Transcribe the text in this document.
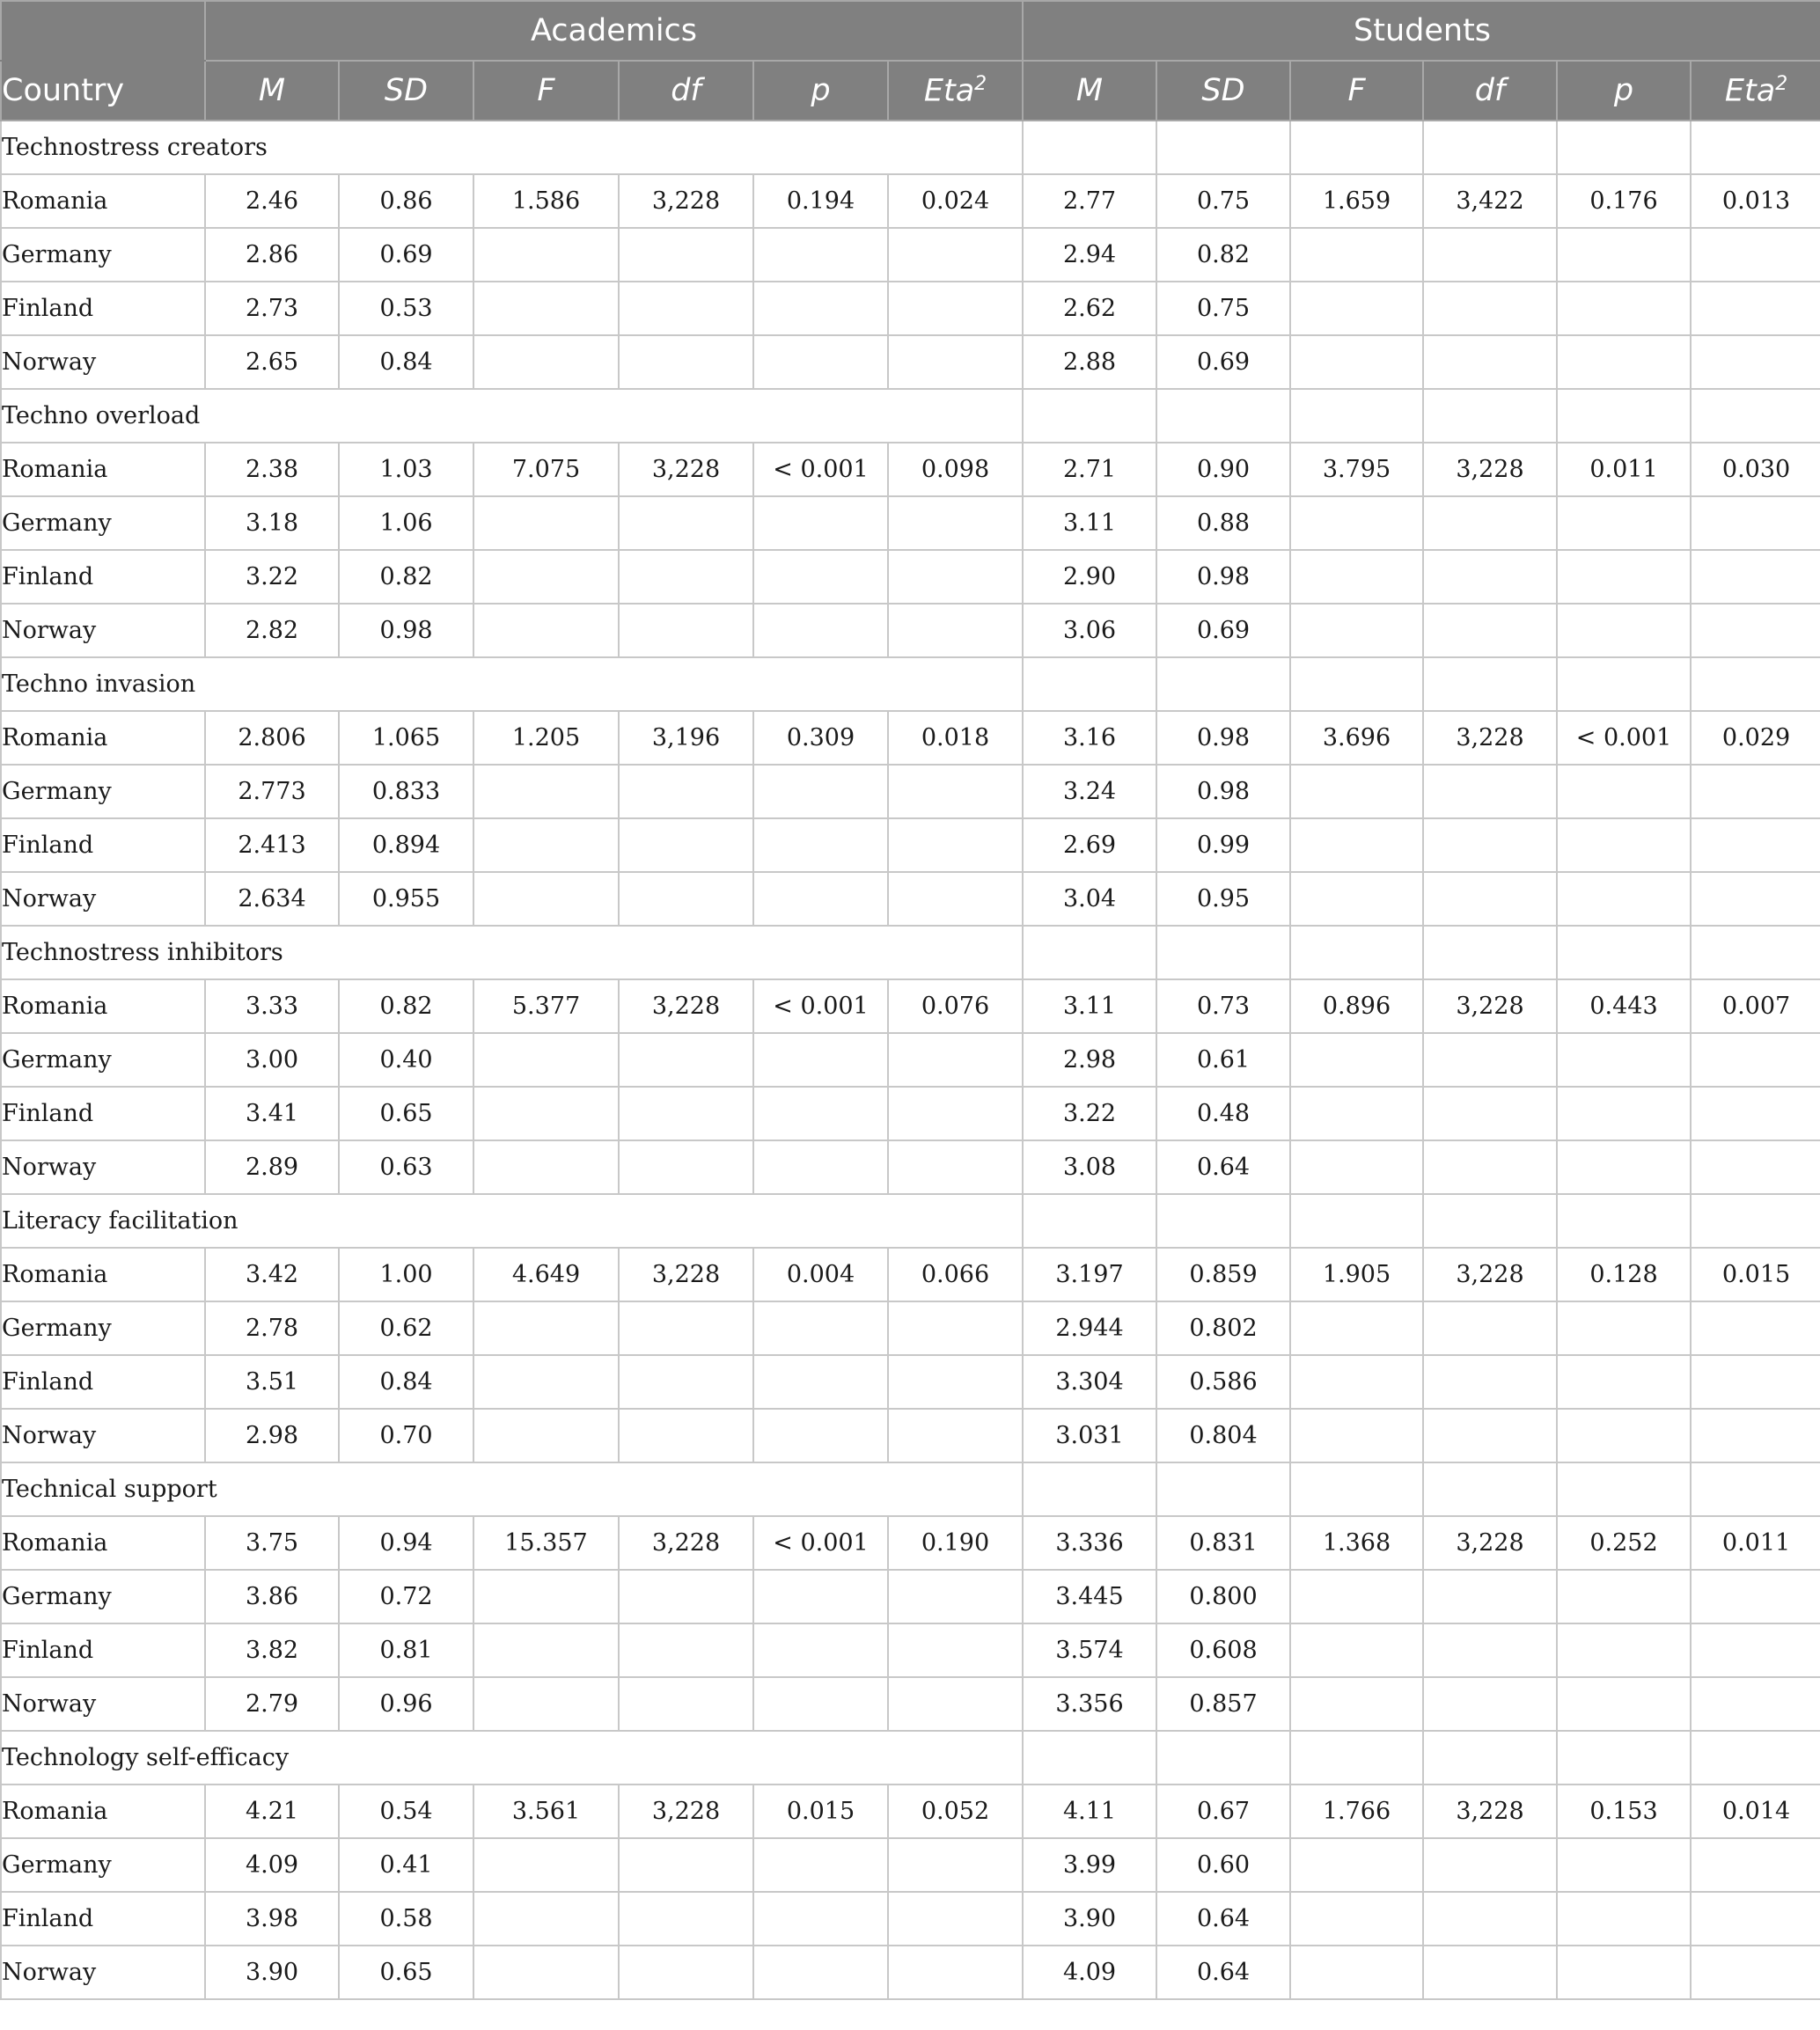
	Academics						Students					
Country	M	SD	F	df	p	Eta$^2$	M	SD	F	df	p	Eta$^2$
Technostress creators												
Romania	2.46	0.86	1.586	3,228	0.194	0.024	2.77	0.75	1.659	3,422	0.176	0.013
Germany	2.86	0.69					2.94	0.82				
Finland	2.73	0.53					2.62	0.75				
Norway	2.65	0.84					2.88	0.69				
Techno overload												
Romania	2.38	1.03	7.075	3,228	< 0.001	0.098	2.71	0.90	3.795	3,228	0.011	0.030
Germany	3.18	1.06					3.11	0.88				
Finland	3.22	0.82					2.90	0.98				
Norway	2.82	0.98					3.06	0.69				
Techno invasion												
Romania	2.806	1.065	1.205	3,196	0.309	0.018	3.16	0.98	3.696	3,228	< 0.001	0.029
Germany	2.773	0.833					3.24	0.98				
Finland	2.413	0.894					2.69	0.99				
Norway	2.634	0.955					3.04	0.95				
Technostress inhibitors												
Romania	3.33	0.82	5.377	3,228	< 0.001	0.076	3.11	0.73	0.896	3,228	0.443	0.007
Germany	3.00	0.40					2.98	0.61				
Finland	3.41	0.65					3.22	0.48				
Norway	2.89	0.63					3.08	0.64				
Literacy facilitation												
Romania	3.42	1.00	4.649	3,228	0.004	0.066	3.197	0.859	1.905	3,228	0.128	0.015
Germany	2.78	0.62					2.944	0.802				
Finland	3.51	0.84					3.304	0.586				
Norway	2.98	0.70					3.031	0.804				
Technical support												
Romania	3.75	0.94	15.357	3,228	< 0.001	0.190	3.336	0.831	1.368	3,228	0.252	0.011
Germany	3.86	0.72					3.445	0.800				
Finland	3.82	0.81					3.574	0.608				
Norway	2.79	0.96					3.356	0.857				
Technology self-efficacy												
Romania	4.21	0.54	3.561	3,228	0.015	0.052	4.11	0.67	1.766	3,228	0.153	0.014
Germany	4.09	0.41					3.99	0.60				
Finland	3.98	0.58					3.90	0.64				
Norway	3.90	0.65					4.09	0.64				
